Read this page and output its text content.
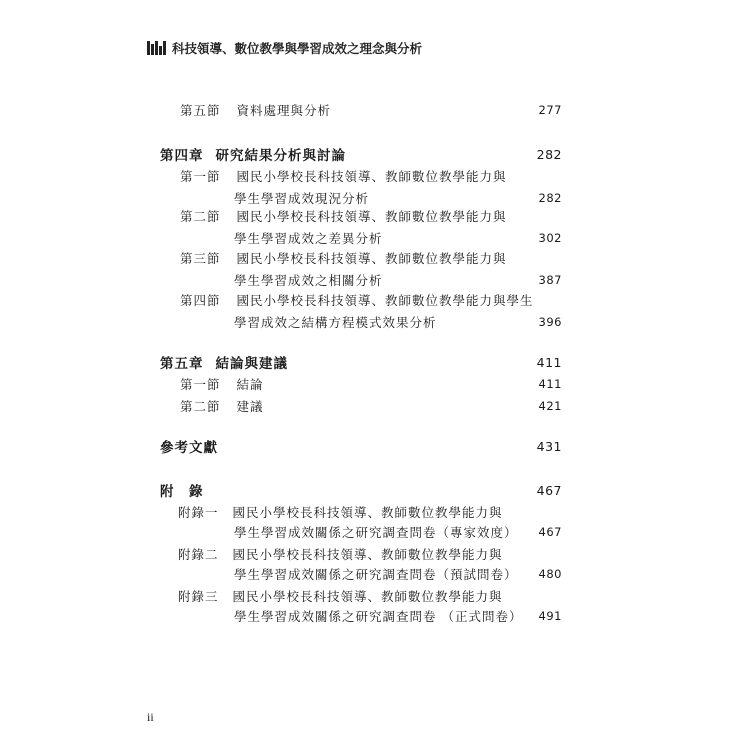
科技領導、數位教學與學習成效之理念與分析
第五節 資料處理與分析	277
第四章 研究結果分析與討論	282
第一節 國民小學校長科技領導、教師數位教學能力與
學生學習成效現況分析	282
第二節 國民小學校長科技領導、教師數位教學能力與
學生學習成效之差異分析	302
第三節 國民小學校長科技領導、教師數位教學能力與
學生學習成效之相關分析	387
第四節 國民小學校長科技領導、教師數位教學能力與學生
學習成效之結構方程模式效果分析	396
第五章 結論與建議	411
第一節 結論	411
第二節 建議	421
參考文獻	431
附　錄	467
附錄一 國民小學校長科技領導、教師數位教學能力與
學生學習成效關係之研究調查問卷（專家效度） 467
附錄二 國民小學校長科技領導、教師數位教學能力與
學生學習成效關係之研究調查問卷（預試問卷） 480
附錄三 國民小學校長科技領導、教師數位教學能力與
學生學習成效關係之研究調查問卷 （正式問卷） 491
ii
